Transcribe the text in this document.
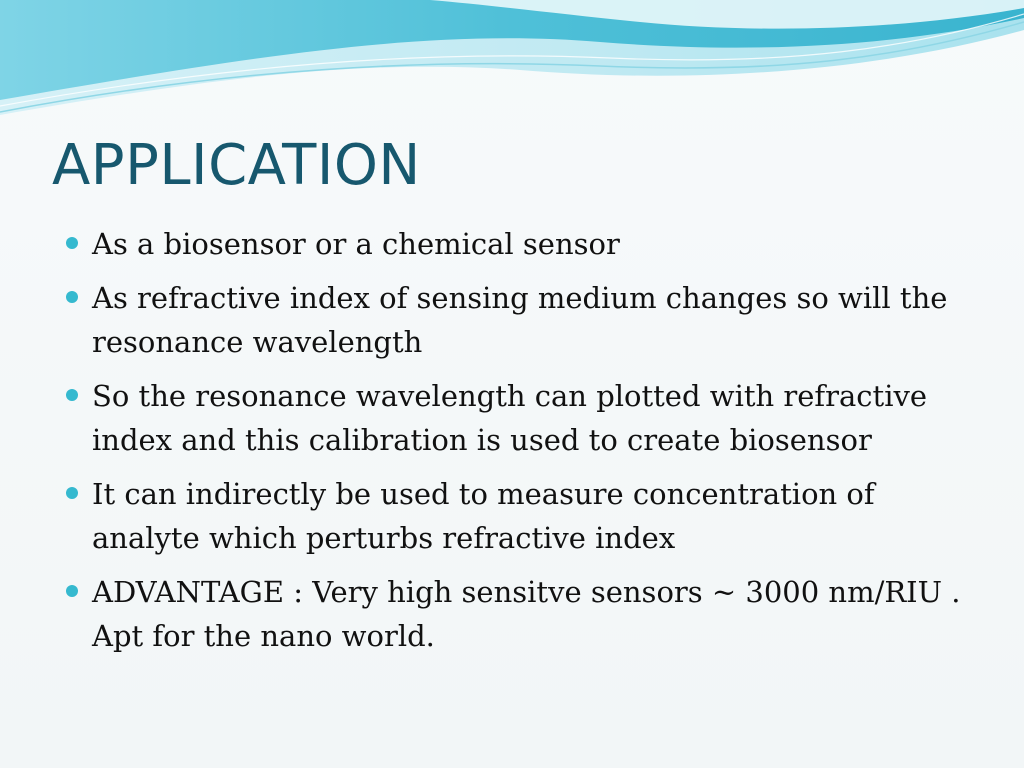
APPLICATION
As a biosensor or a chemical sensor
As refractive index of sensing medium changes so will the resonance wavelength
So the resonance wavelength can plotted with refractive index and this calibration is used to create biosensor
It can indirectly be used to measure concentration of analyte which perturbs refractive index
ADVANTAGE : Very high sensitve sensors ~ 3000 nm/RIU . Apt for the nano world.
